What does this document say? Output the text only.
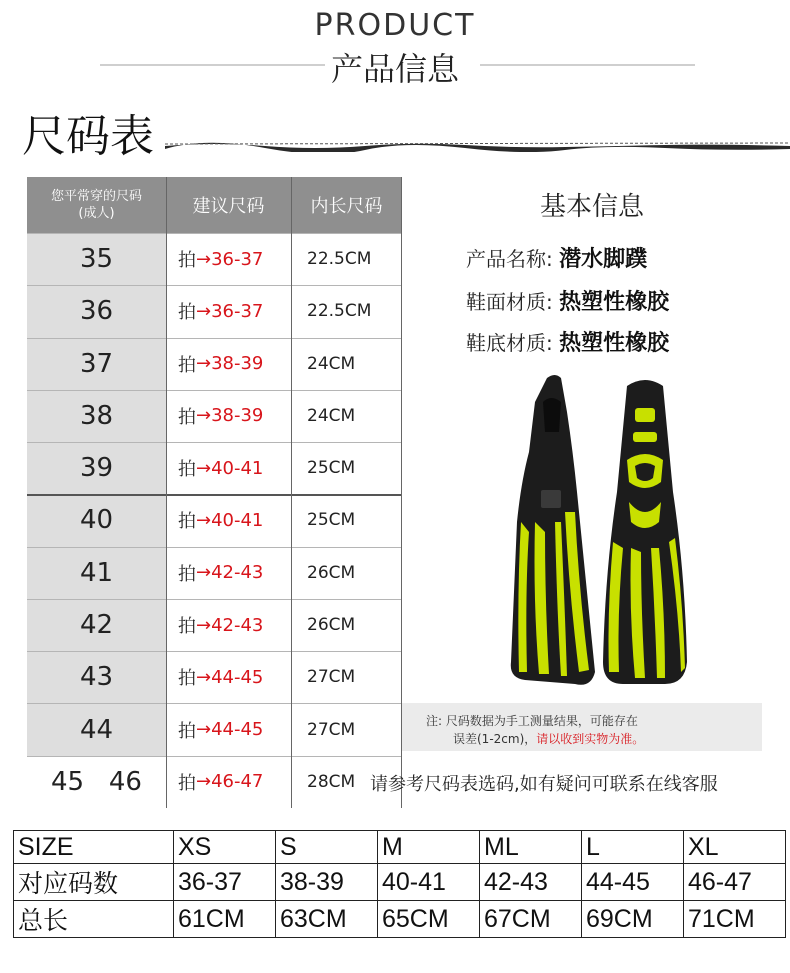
PRODUCT
产品信息
尺码表
您平常穿的尺码
(成人)	建议尺码	内长尺码
35	拍 →36-37	22.5CM
36	拍 →36-37	22.5CM
37	拍 →38-39	24CM
38	拍 →38-39	24CM
39	拍 →40-41	25CM
40	拍 →40-41	25CM
41	拍 →42-43	26CM
42	拍 →42-43	26CM
43	拍 →44-45	27CM
44	拍 →44-45	27CM
45   46	拍 →46-47	28CM
基本信息
产品名称: 潜水脚蹼
鞋面材质: 热塑性橡胶
鞋底材质: 热塑性橡胶
注: 尺码数据为手工测量结果，可能存在
误差(1-2cm)，请以收到实物为准。
请参考尺码表选码,如有疑问可联系在线客服
SIZE	XS	S	M	ML	L	XL
对应码数	36-37	38-39	40-41	42-43	44-45	46-47
总长	61CM	63CM	65CM	67CM	69CM	71CM
